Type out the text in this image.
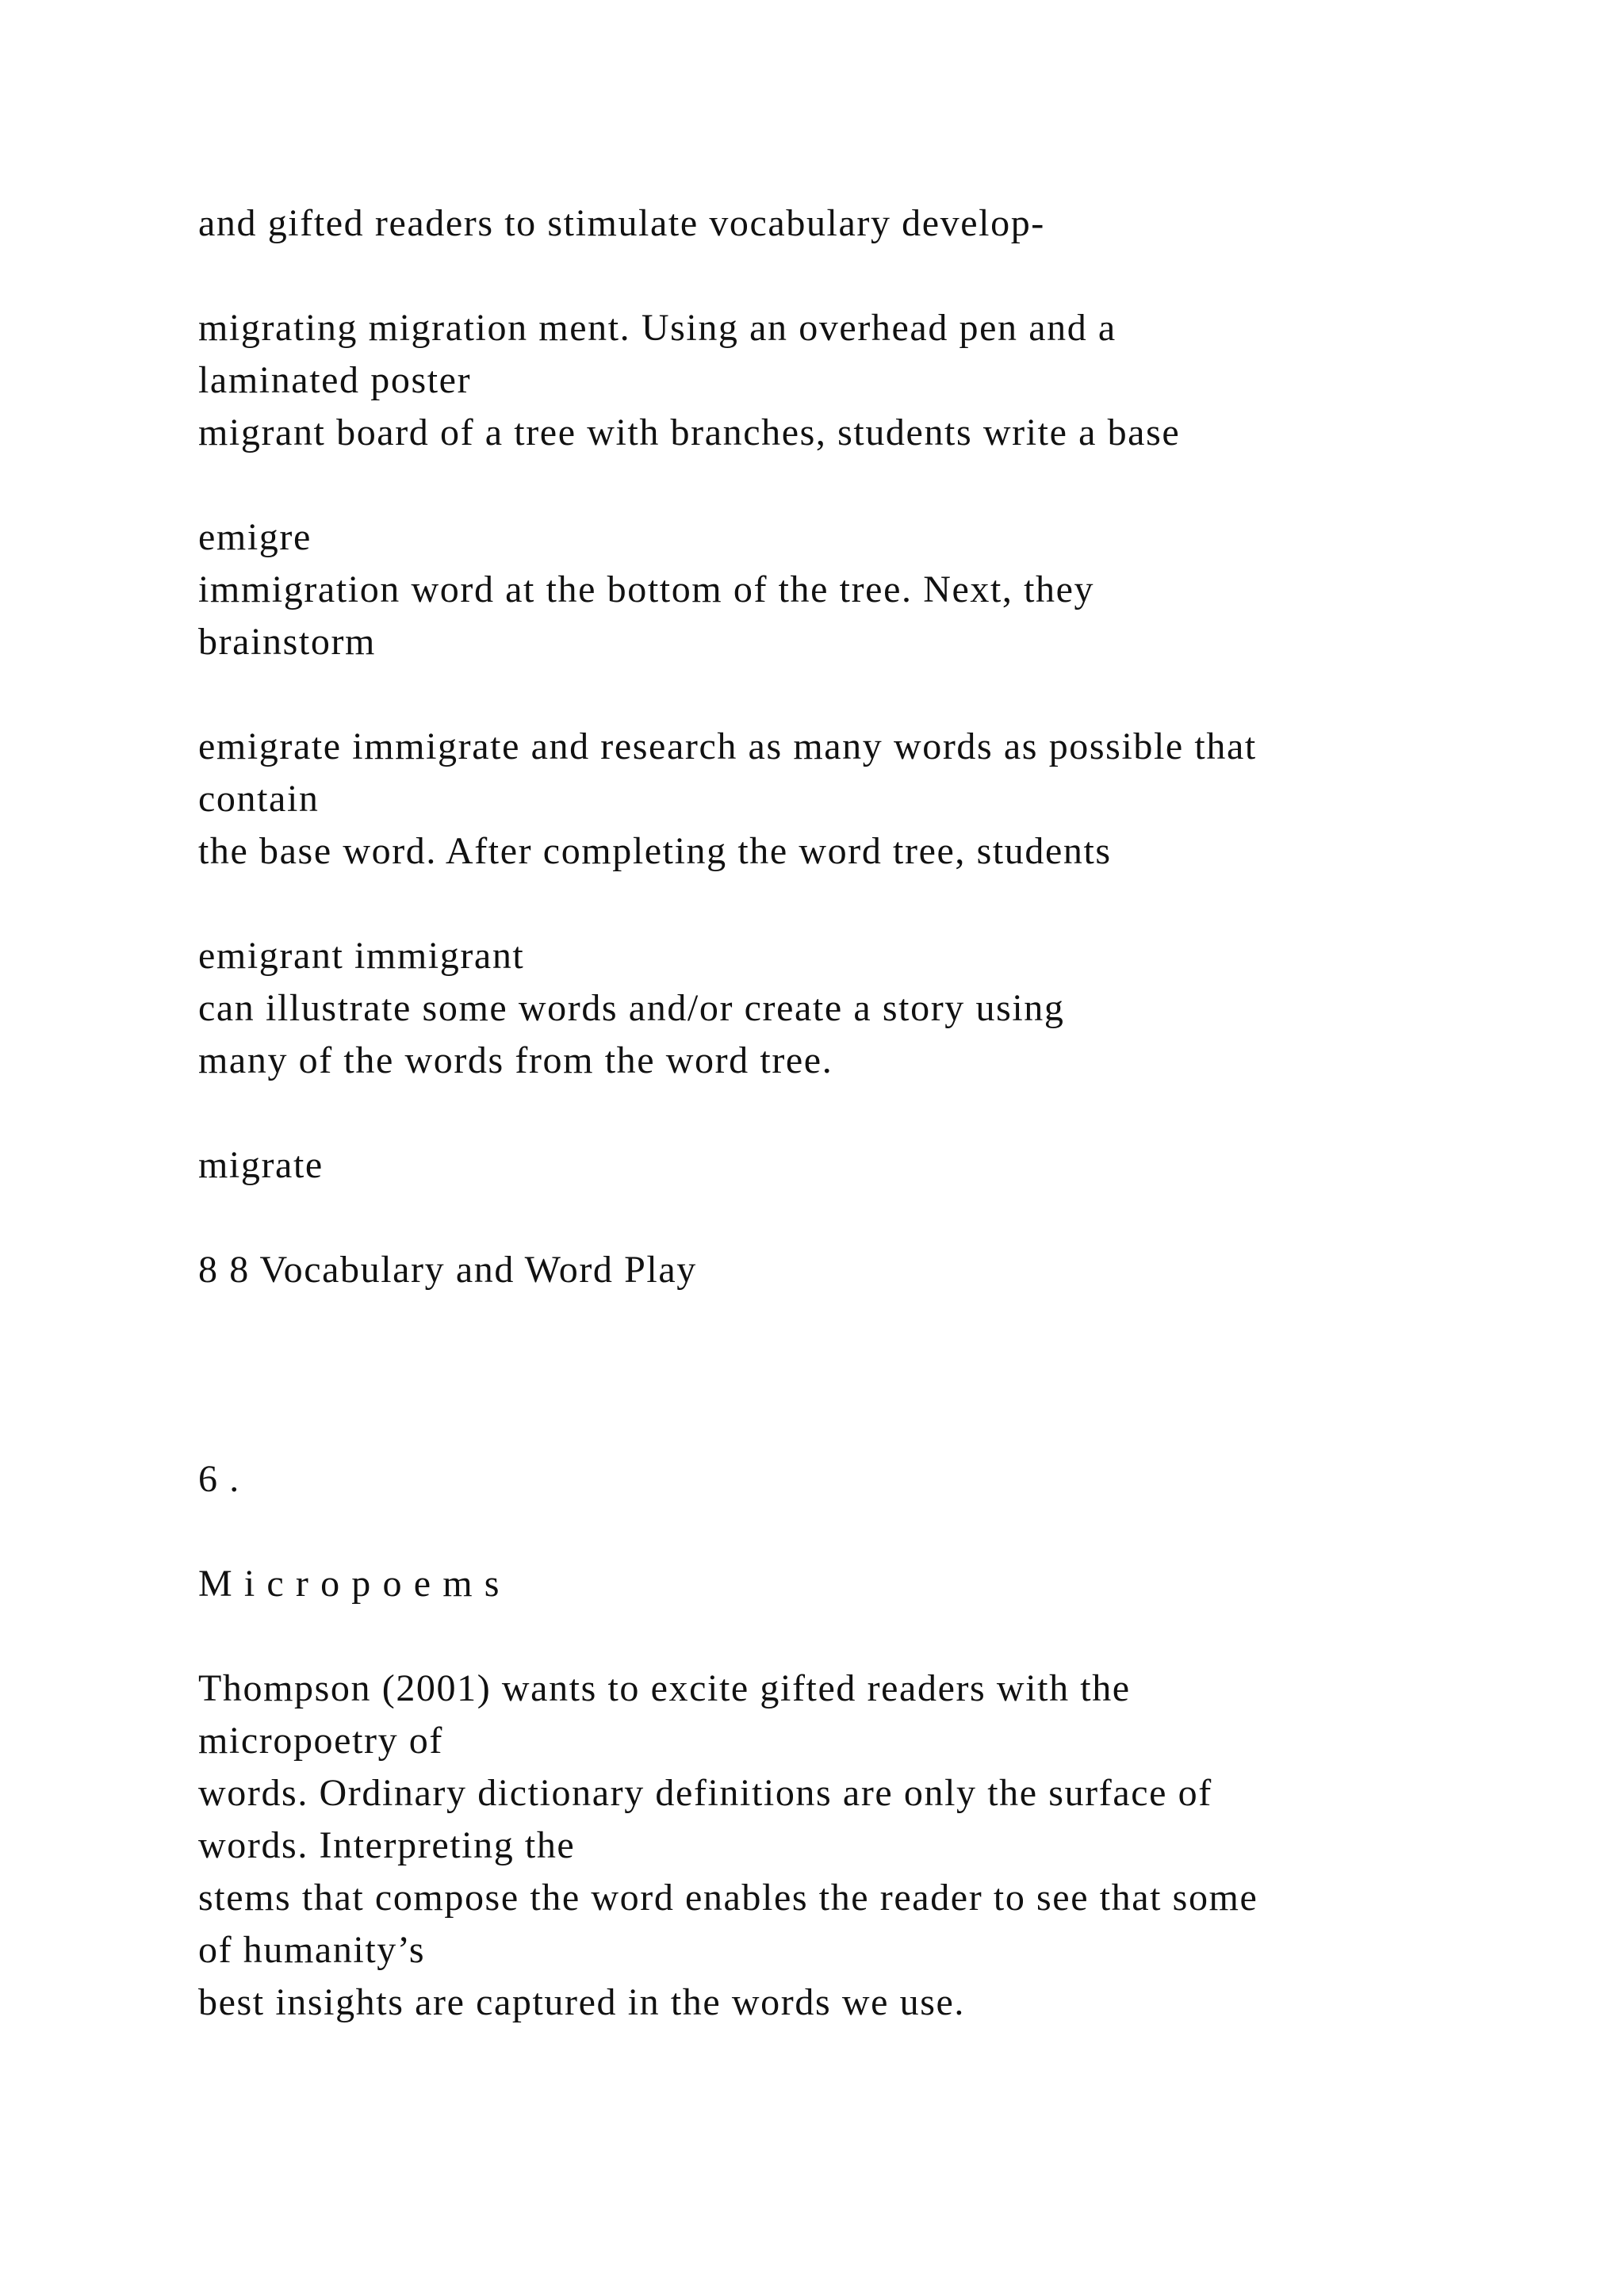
and gifted readers to stimulate vocabulary develop-

migrating migration ment. Using an overhead pen and a

laminated poster

migrant board of a tree with branches, students write a base

emigre

immigration word at the bottom of the tree. Next, they

brainstorm

emigrate immigrate and research as many words as possible that

contain

the base word. After completing the word tree, students

emigrant immigrant

can illustrate some words and/or create a story using

many of the words from the word tree.

migrate

8 8 Vocabulary and Word Play

6 .

M i c r o p o e m s

Thompson (2001) wants to excite gifted readers with the

micropoetry of

words. Ordinary dictionary definitions are only the surface of

words. Interpreting the

stems that compose the word enables the reader to see that some

of humanity’s

best insights are captured in the words we use.
